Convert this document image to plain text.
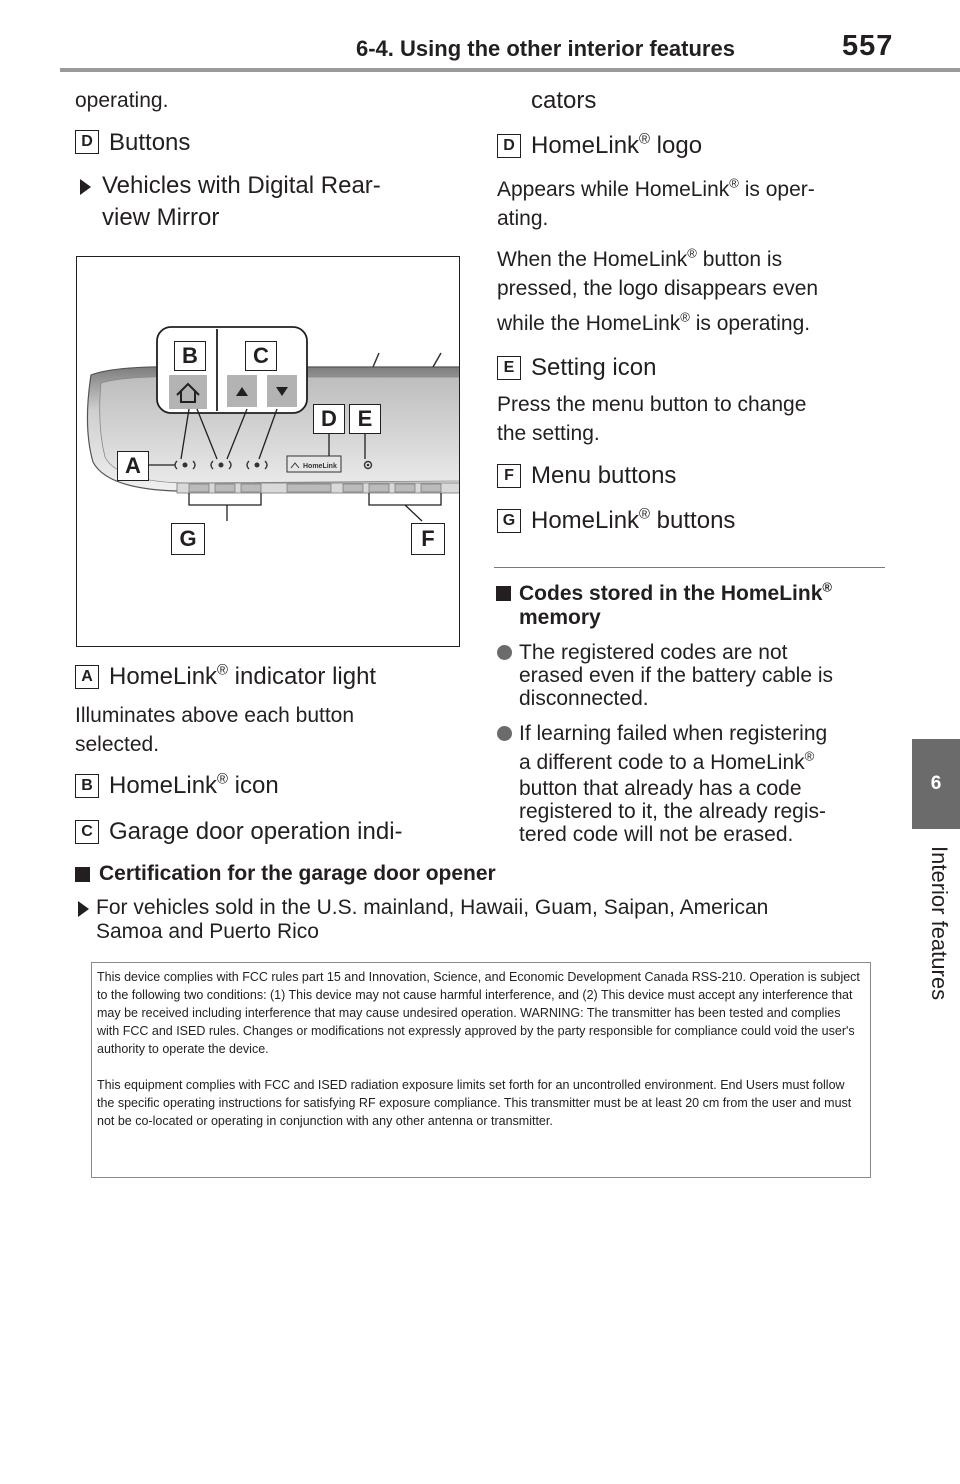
6-4. Using the other interior features	557
6
Interior features
operating.
D Buttons
Vehicles with Digital Rear-
view Mirror
HomeLink
B	C
D E
A
G	F
A HomeLink® indicator light
Illuminates above each button
selected.
B HomeLink® icon
C Garage door operation indi-
cators
D HomeLink® logo
Appears while HomeLink® is oper-
ating.
When the HomeLink® button is
pressed, the logo disappears even
while the HomeLink® is operating.
E Setting icon
Press the menu button to change
the setting.
F Menu buttons
G HomeLink® buttons
Codes stored in the HomeLink®
memory
The registered codes are not
erased even if the battery cable is
disconnected.
If learning failed when registering
a different code to a HomeLink®
button that already has a code
registered to it, the already regis-
tered code will not be erased.
Certification for the garage door opener
For vehicles sold in the U.S. mainland, Hawaii, Guam, Saipan, American
Samoa and Puerto Rico

This device complies with FCC rules part 15 and Innovation, Science, and Economic Development Canada RSS-210. Operation is subject to the following two conditions: (1) This device may not cause harmful interference, and (2) This device must accept any interference that may be received including interference that may cause undesired operation. WARNING: The transmitter has been tested and complies with FCC and ISED rules. Changes or modifications not expressly approved by the party responsible for compliance could void the user's authority to operate the device.

This equipment complies with FCC and ISED radiation exposure limits set forth for an uncontrolled environment. End Users must follow the specific operating instructions for satisfying RF exposure compliance. This transmitter must be at least 20 cm from the user and must not be co-located or operating in conjunction with any other antenna or transmitter.
